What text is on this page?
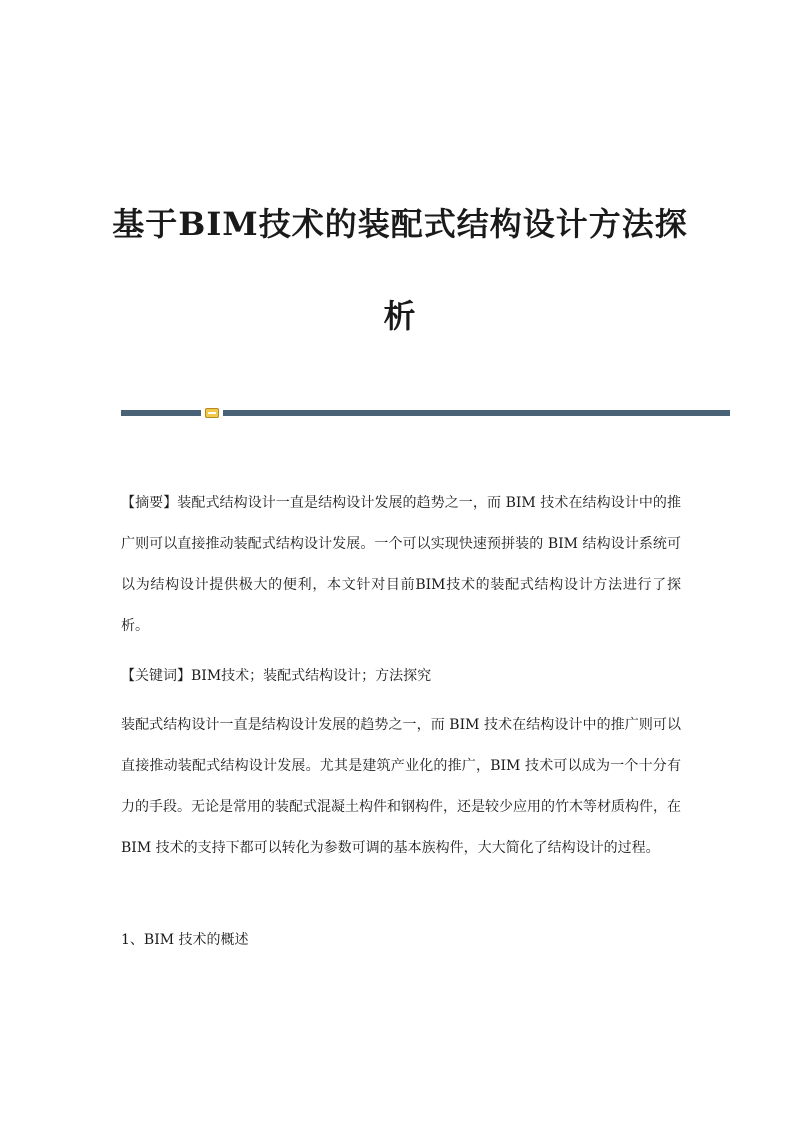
基于BIM技术的装配式结构设计方法探析

【摘要】装配式结构设计一直是结构设计发展的趋势之一，而 BIM 技术在结构设计中的推广则可以直接推动装配式结构设计发展。一个可以实现快速预拼装的 BIM 结构设计系统可以为结构设计提供极大的便利，本文针对目前BIM技术的装配式结构设计方法进行了探析。

【关键词】BIM技术；装配式结构设计；方法探究

装配式结构设计一直是结构设计发展的趋势之一，而 BIM 技术在结构设计中的推广则可以直接推动装配式结构设计发展。尤其是建筑产业化的推广，BIM 技术可以成为一个十分有力的手段。无论是常用的装配式混凝土构件和钢构件，还是较少应用的竹木等材质构件，在 BIM 技术的支持下都可以转化为参数可调的基本族构件，大大简化了结构设计的过程。

1、BIM 技术的概述
